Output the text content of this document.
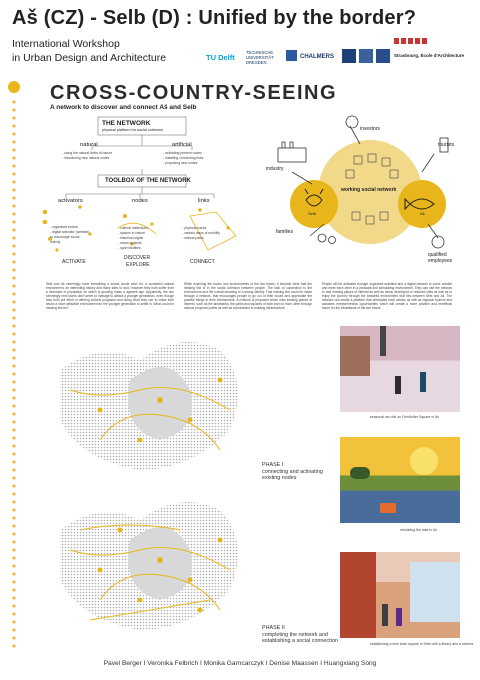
Aš (CZ) - Selb (D) : Unified by the border?
International Workshop
in Urban Design and Architecture	TU Delft
TECHNISCHE UNIVERSITÄT DRESDEN
CHALMERS	Strasbourg, École d'Architecture
CROSS-COUNTRY-SEEING
A network to discover and connect Aš and Selb
THE NETWORK
physical platform for social cohesion
natural
- using the natural limits of nature
- introducing new natural nodes
artificial
- activating present nodes
- installing connecting links
- proposing new nodes
TOOLBOX OF THE NETWORK
activators
- organised events
- digital activator (website)
to encourage social
activity
nodes
- cultural institutions
- spaces in nature
- historical sights
- urban projects
- sport facilities
links
- physical tracks
- various ways of mobility
- natural paths
ACTIVATE
DISCOVER
EXPLORE	CONNECT
working social network
Selb	Aš
investors
industry
tourists
families
qualified employees
Selb and Aš seemingly have everything a tourist would wish for: a wonderful natural environment, an interesting history and many sites to visit. However they both suffer from a decrease in population on which is growing mean a agewell age. Apparently, the two seemingly next towns don't seem to manage to attract a younger generation, even though they both put effort in offering cultural programs and doing what they can to make their towns a more attractive environment for the younger generation to settle in. What could be missing link be?
While exploring the towns and environments of the two towns, it became clear that the missing link is in the social cohesion between people. The lack of connection to the environment and the overall meaning of a strong identity. That missing link could be made through a network, that encourages people to go out of their house and appreciate the positive things in their environment. A network is proposed which links existing places of interest, such as the landmarks, the parks and squares of both town to each other through various proposed paths as well as connections to existing infrastructure.
People will be activated through organised activities and a digital network to come outside and meet each other in a pleasant and stimulating environment. They can use the network to visit existing places of interest as well as newly developed or restored sites as well as to enjoy the journey through the beautiful environment that lies between Selb and Aš. The network can create a platform that stimulates local activity as well as regional tourism and activates entrepreneurial opportunities which will create a more positive and beneficial future for the inhabitants of the two towns.
PHASE I
connecting and activating existing nodes
PHASE II
completing the network and establishing a social connection
seasonal ice-rink on Friedhöfer Square in Aš
rebuilding the lake in Aš
establishing a new town square in Selb with a library and a cinema
Pavel Berger I Veronika Felbrich I Monika Garncarczyk I Denise Maassen I Huangxiang Song
